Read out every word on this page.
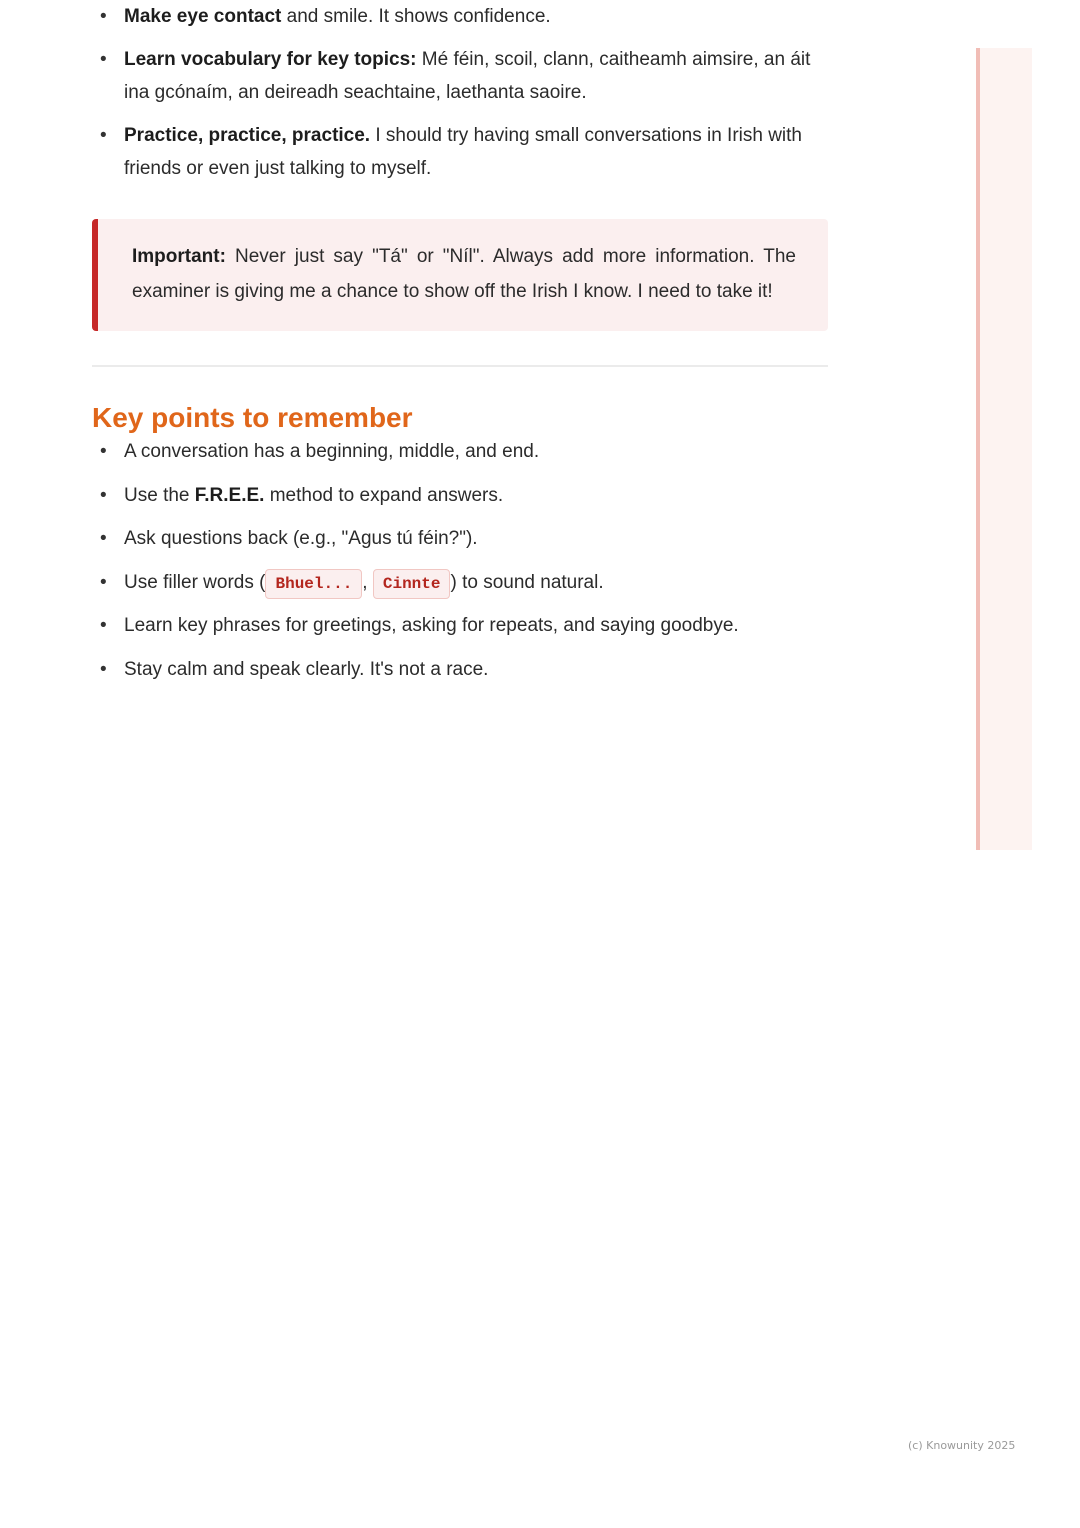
• Make eye contact and smile. It shows confidence.
• Learn vocabulary for key topics: Mé féin, scoil, clann, caitheamh aimsire, an áit ina gcónaím, an deireadh seachtaine, laethanta saoire.
• Practice, practice, practice. I should try having small conversations in Irish with friends or even just talking to myself.
Important: Never just say "Tá" or "Níl". Always add more information. The examiner is giving me a chance to show off the Irish I know. I need to take it!
Key points to remember
• A conversation has a beginning, middle, and end.
• Use the F.R.E.E. method to expand answers.
• Ask questions back (e.g., "Agus tú féin?").
• Use filler words ( Bhuel... , Cinnte ) to sound natural.
• Learn key phrases for greetings, asking for repeats, and saying goodbye.
• Stay calm and speak clearly. It's not a race.
(c) Knowunity 2025
